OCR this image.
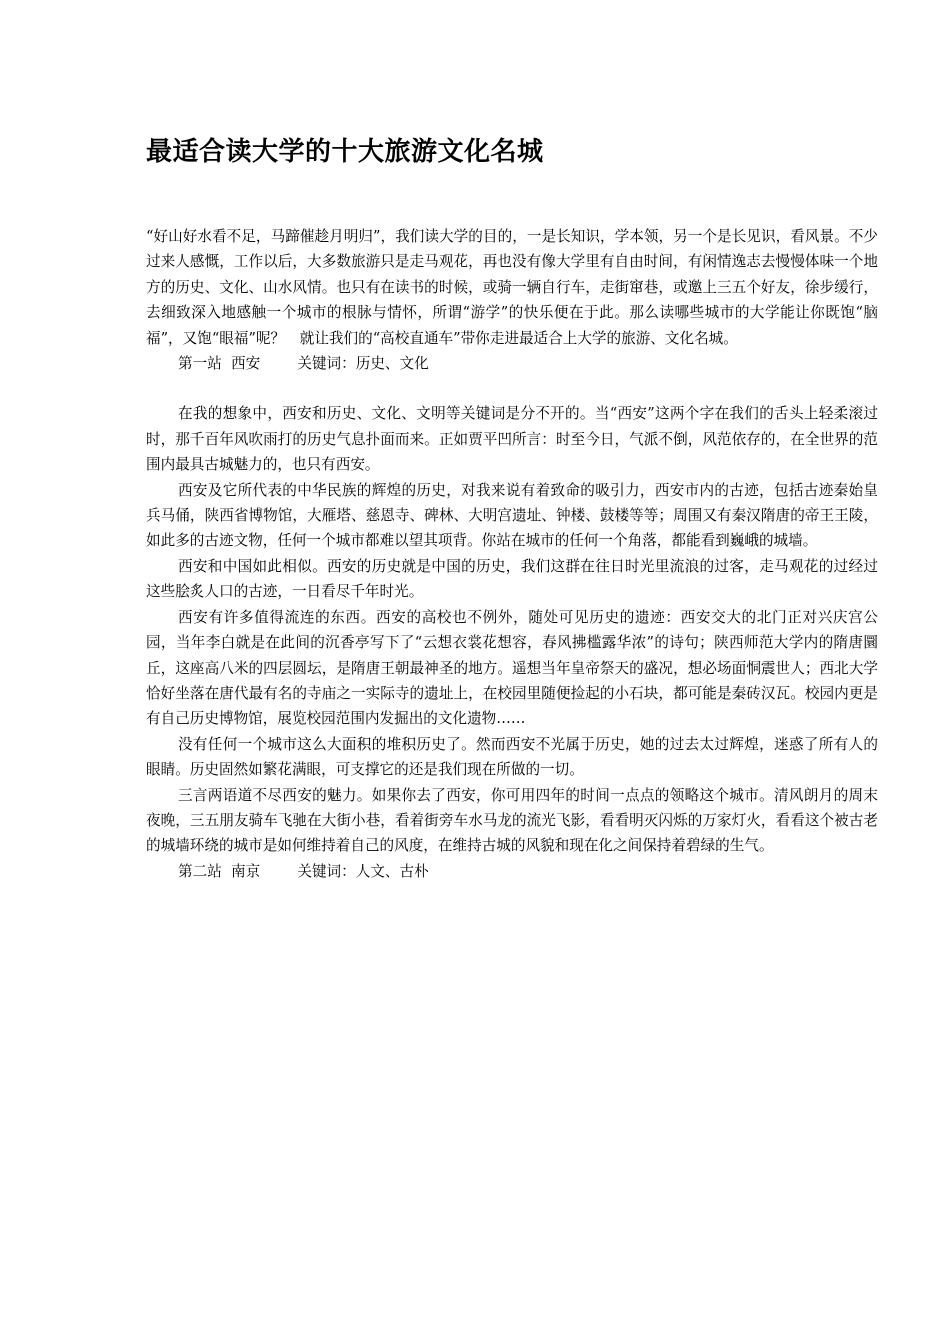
最适合读大学的十大旅游文化名城

“好山好水看不足，马蹄催趁月明归”，我们读大学的目的，一是长知识，学本领，另一个是长见识，看风景。不少过来人感慨，工作以后，大多数旅游只是走马观花，再也没有像大学里有自由时间，有闲情逸志去慢慢体味一个地方的历史、文化、山水风情。也只有在读书的时候，或骑一辆自行车，走街窜巷，或邀上三五个好友，徐步缓行，去细致深入地感触一个城市的根脉与情怀，所谓“游学”的快乐便在于此。那么读哪些城市的大学能让你既饱“脑福”，又饱“眼福”呢？　就让我们的“高校直通车”带你走进最适合上大学的旅游、文化名城。

第一站  西安        关键词：历史、文化

在我的想象中，西安和历史、文化、文明等关键词是分不开的。当“西安”这两个字在我们的舌头上轻柔滚过时，那千百年风吹雨打的历史气息扑面而来。正如贾平凹所言：时至今日，气派不倒，风范依存的，在全世界的范围内最具古城魅力的，也只有西安。

西安及它所代表的中华民族的辉煌的历史，对我来说有着致命的吸引力，西安市内的古迹，包括古迹秦始皇兵马俑，陕西省博物馆，大雁塔、慈恩寺、碑林、大明宫遗址、钟楼、鼓楼等等；周围又有秦汉隋唐的帝王王陵，如此多的古迹文物，任何一个城市都难以望其项背。你站在城市的任何一个角落，都能看到巍峨的城墙。

西安和中国如此相似。西安的历史就是中国的历史，我们这群在往日时光里流浪的过客，走马观花的过经过这些脍炙人口的古迹，一日看尽千年时光。

西安有许多值得流连的东西。西安的高校也不例外，随处可见历史的遗迹：西安交大的北门正对兴庆宫公园，当年李白就是在此间的沉香亭写下了“云想衣裳花想容，春风拂槛露华浓”的诗句；陕西师范大学内的隋唐圜丘，这座高八米的四层圆坛，是隋唐王朝最神圣的地方。遥想当年皇帝祭天的盛况，想必场面恫震世人；西北大学恰好坐落在唐代最有名的寺庙之一实际寺的遗址上，在校园里随便捡起的小石块，都可能是秦砖汉瓦。校园内更是有自己历史博物馆，展览校园范围内发掘出的文化遗物……

没有任何一个城市这么大面积的堆积历史了。然而西安不光属于历史，她的过去太过辉煌，迷惑了所有人的眼睛。历史固然如繁花满眼，可支撑它的还是我们现在所做的一切。

三言两语道不尽西安的魅力。如果你去了西安，你可用四年的时间一点点的领略这个城市。清风朗月的周末夜晚，三五朋友骑车飞驰在大街小巷，看着街旁车水马龙的流光飞影，看看明灭闪烁的万家灯火，看看这个被古老的城墙环绕的城市是如何维持着自己的风度，在维持古城的风貌和现在化之间保持着碧绿的生气。

第二站  南京        关键词：人文、古朴
